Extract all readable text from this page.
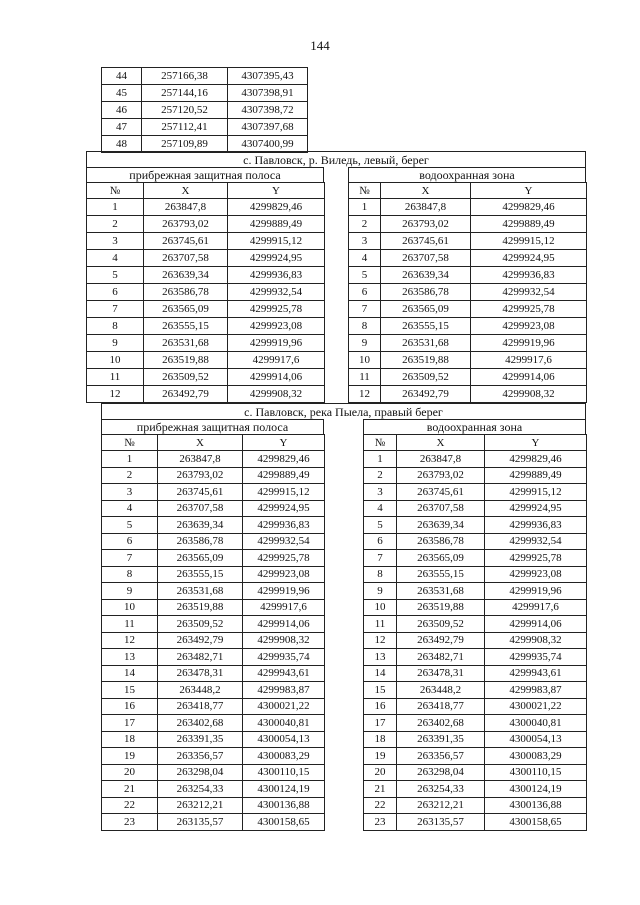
144
44	257166,38	4307395,43
45	257144,16	4307398,91
46	257120,52	4307398,72
47	257112,41	4307397,68
48	257109,89	4307400,99
с. Павловск, р. Виледь, левый, берег
прибрежная защитная полоса
№	X	Y
1	263847,8	4299829,46
2	263793,02	4299889,49
3	263745,61	4299915,12
4	263707,58	4299924,95
5	263639,34	4299936,83
6	263586,78	4299932,54
7	263565,09	4299925,78
8	263555,15	4299923,08
9	263531,68	4299919,96
10	263519,88	4299917,6
11	263509,52	4299914,06
12	263492,79	4299908,32
водоохранная зона
№	X	Y
1	263847,8	4299829,46
2	263793,02	4299889,49
3	263745,61	4299915,12
4	263707,58	4299924,95
5	263639,34	4299936,83
6	263586,78	4299932,54
7	263565,09	4299925,78
8	263555,15	4299923,08
9	263531,68	4299919,96
10	263519,88	4299917,6
11	263509,52	4299914,06
12	263492,79	4299908,32
с. Павловск, река Пыела, правый берег
прибрежная защитная полоса
№	X	Y
1	263847,8	4299829,46
2	263793,02	4299889,49
3	263745,61	4299915,12
4	263707,58	4299924,95
5	263639,34	4299936,83
6	263586,78	4299932,54
7	263565,09	4299925,78
8	263555,15	4299923,08
9	263531,68	4299919,96
10	263519,88	4299917,6
11	263509,52	4299914,06
12	263492,79	4299908,32
13	263482,71	4299935,74
14	263478,31	4299943,61
15	263448,2	4299983,87
16	263418,77	4300021,22
17	263402,68	4300040,81
18	263391,35	4300054,13
19	263356,57	4300083,29
20	263298,04	4300110,15
21	263254,33	4300124,19
22	263212,21	4300136,88
23	263135,57	4300158,65
водоохранная зона
№	X	Y
1	263847,8	4299829,46
2	263793,02	4299889,49
3	263745,61	4299915,12
4	263707,58	4299924,95
5	263639,34	4299936,83
6	263586,78	4299932,54
7	263565,09	4299925,78
8	263555,15	4299923,08
9	263531,68	4299919,96
10	263519,88	4299917,6
11	263509,52	4299914,06
12	263492,79	4299908,32
13	263482,71	4299935,74
14	263478,31	4299943,61
15	263448,2	4299983,87
16	263418,77	4300021,22
17	263402,68	4300040,81
18	263391,35	4300054,13
19	263356,57	4300083,29
20	263298,04	4300110,15
21	263254,33	4300124,19
22	263212,21	4300136,88
23	263135,57	4300158,65
